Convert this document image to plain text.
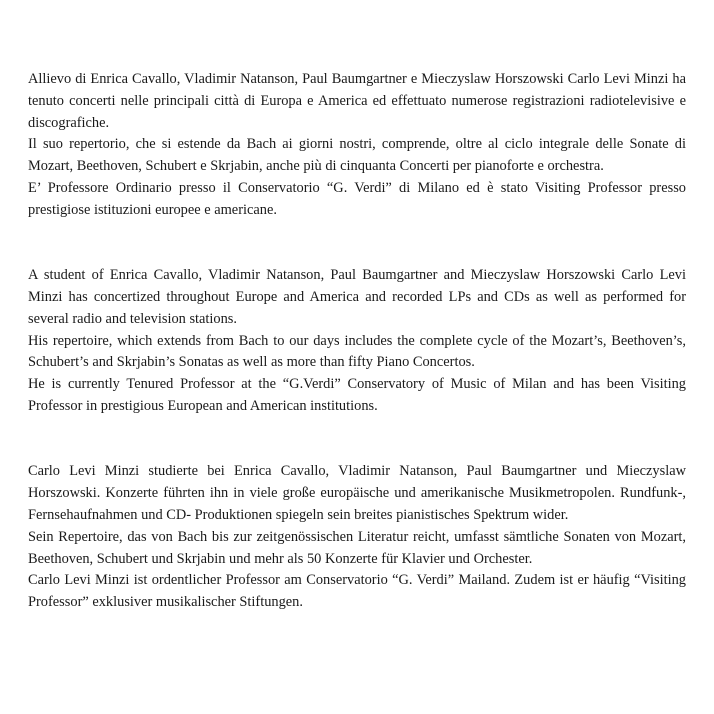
Allievo di Enrica Cavallo, Vladimir Natanson, Paul Baumgartner e Mieczyslaw Horszowski Carlo Levi Minzi ha tenuto concerti nelle principali città di Europa e America ed effettuato numerose registrazioni radiotelevisive e discografiche.

Il suo repertorio, che si estende da Bach ai giorni nostri, comprende, oltre al ciclo integrale delle Sonate di Mozart, Beethoven, Schubert e Skrjabin, anche più di cinquanta Concerti per pianoforte e orchestra.

E’ Professore Ordinario presso il Conservatorio “G. Verdi” di Milano ed è stato Visiting Professor presso prestigiose istituzioni europee e americane.

A student of Enrica Cavallo, Vladimir Natanson, Paul Baumgartner and Mieczyslaw Horszowski Carlo Levi Minzi has concertized throughout Europe and America and recorded LPs and CDs as well as performed for several radio and television stations.

His repertoire, which extends from Bach to our days includes the complete cycle of the Mozart’s, Beethoven’s, Schubert’s and Skrjabin’s Sonatas as well as more than fifty Piano Concertos.

He is currently Tenured Professor at the “G.Verdi” Conservatory of Music of Milan and has been Visiting Professor in prestigious European and American institutions.

Carlo Levi Minzi studierte bei Enrica Cavallo, Vladimir Natanson, Paul Baumgartner und Mieczyslaw Horszowski. Konzerte führten ihn in viele große europäische und amerikanische Musikmetropolen. Rundfunk-, Fernsehaufnahmen und CD- Produktionen spiegeln sein breites pianistisches Spektrum wider.

Sein Repertoire, das von Bach bis zur zeitgenössischen Literatur reicht, umfasst sämtliche Sonaten von Mozart, Beethoven, Schubert und Skrjabin und mehr als 50 Konzerte für Klavier und Orchester.

Carlo Levi Minzi ist ordentlicher Professor am Conservatorio “G. Verdi” Mailand. Zudem ist er häufig “Visiting Professor” exklusiver musikalischer Stiftungen.
